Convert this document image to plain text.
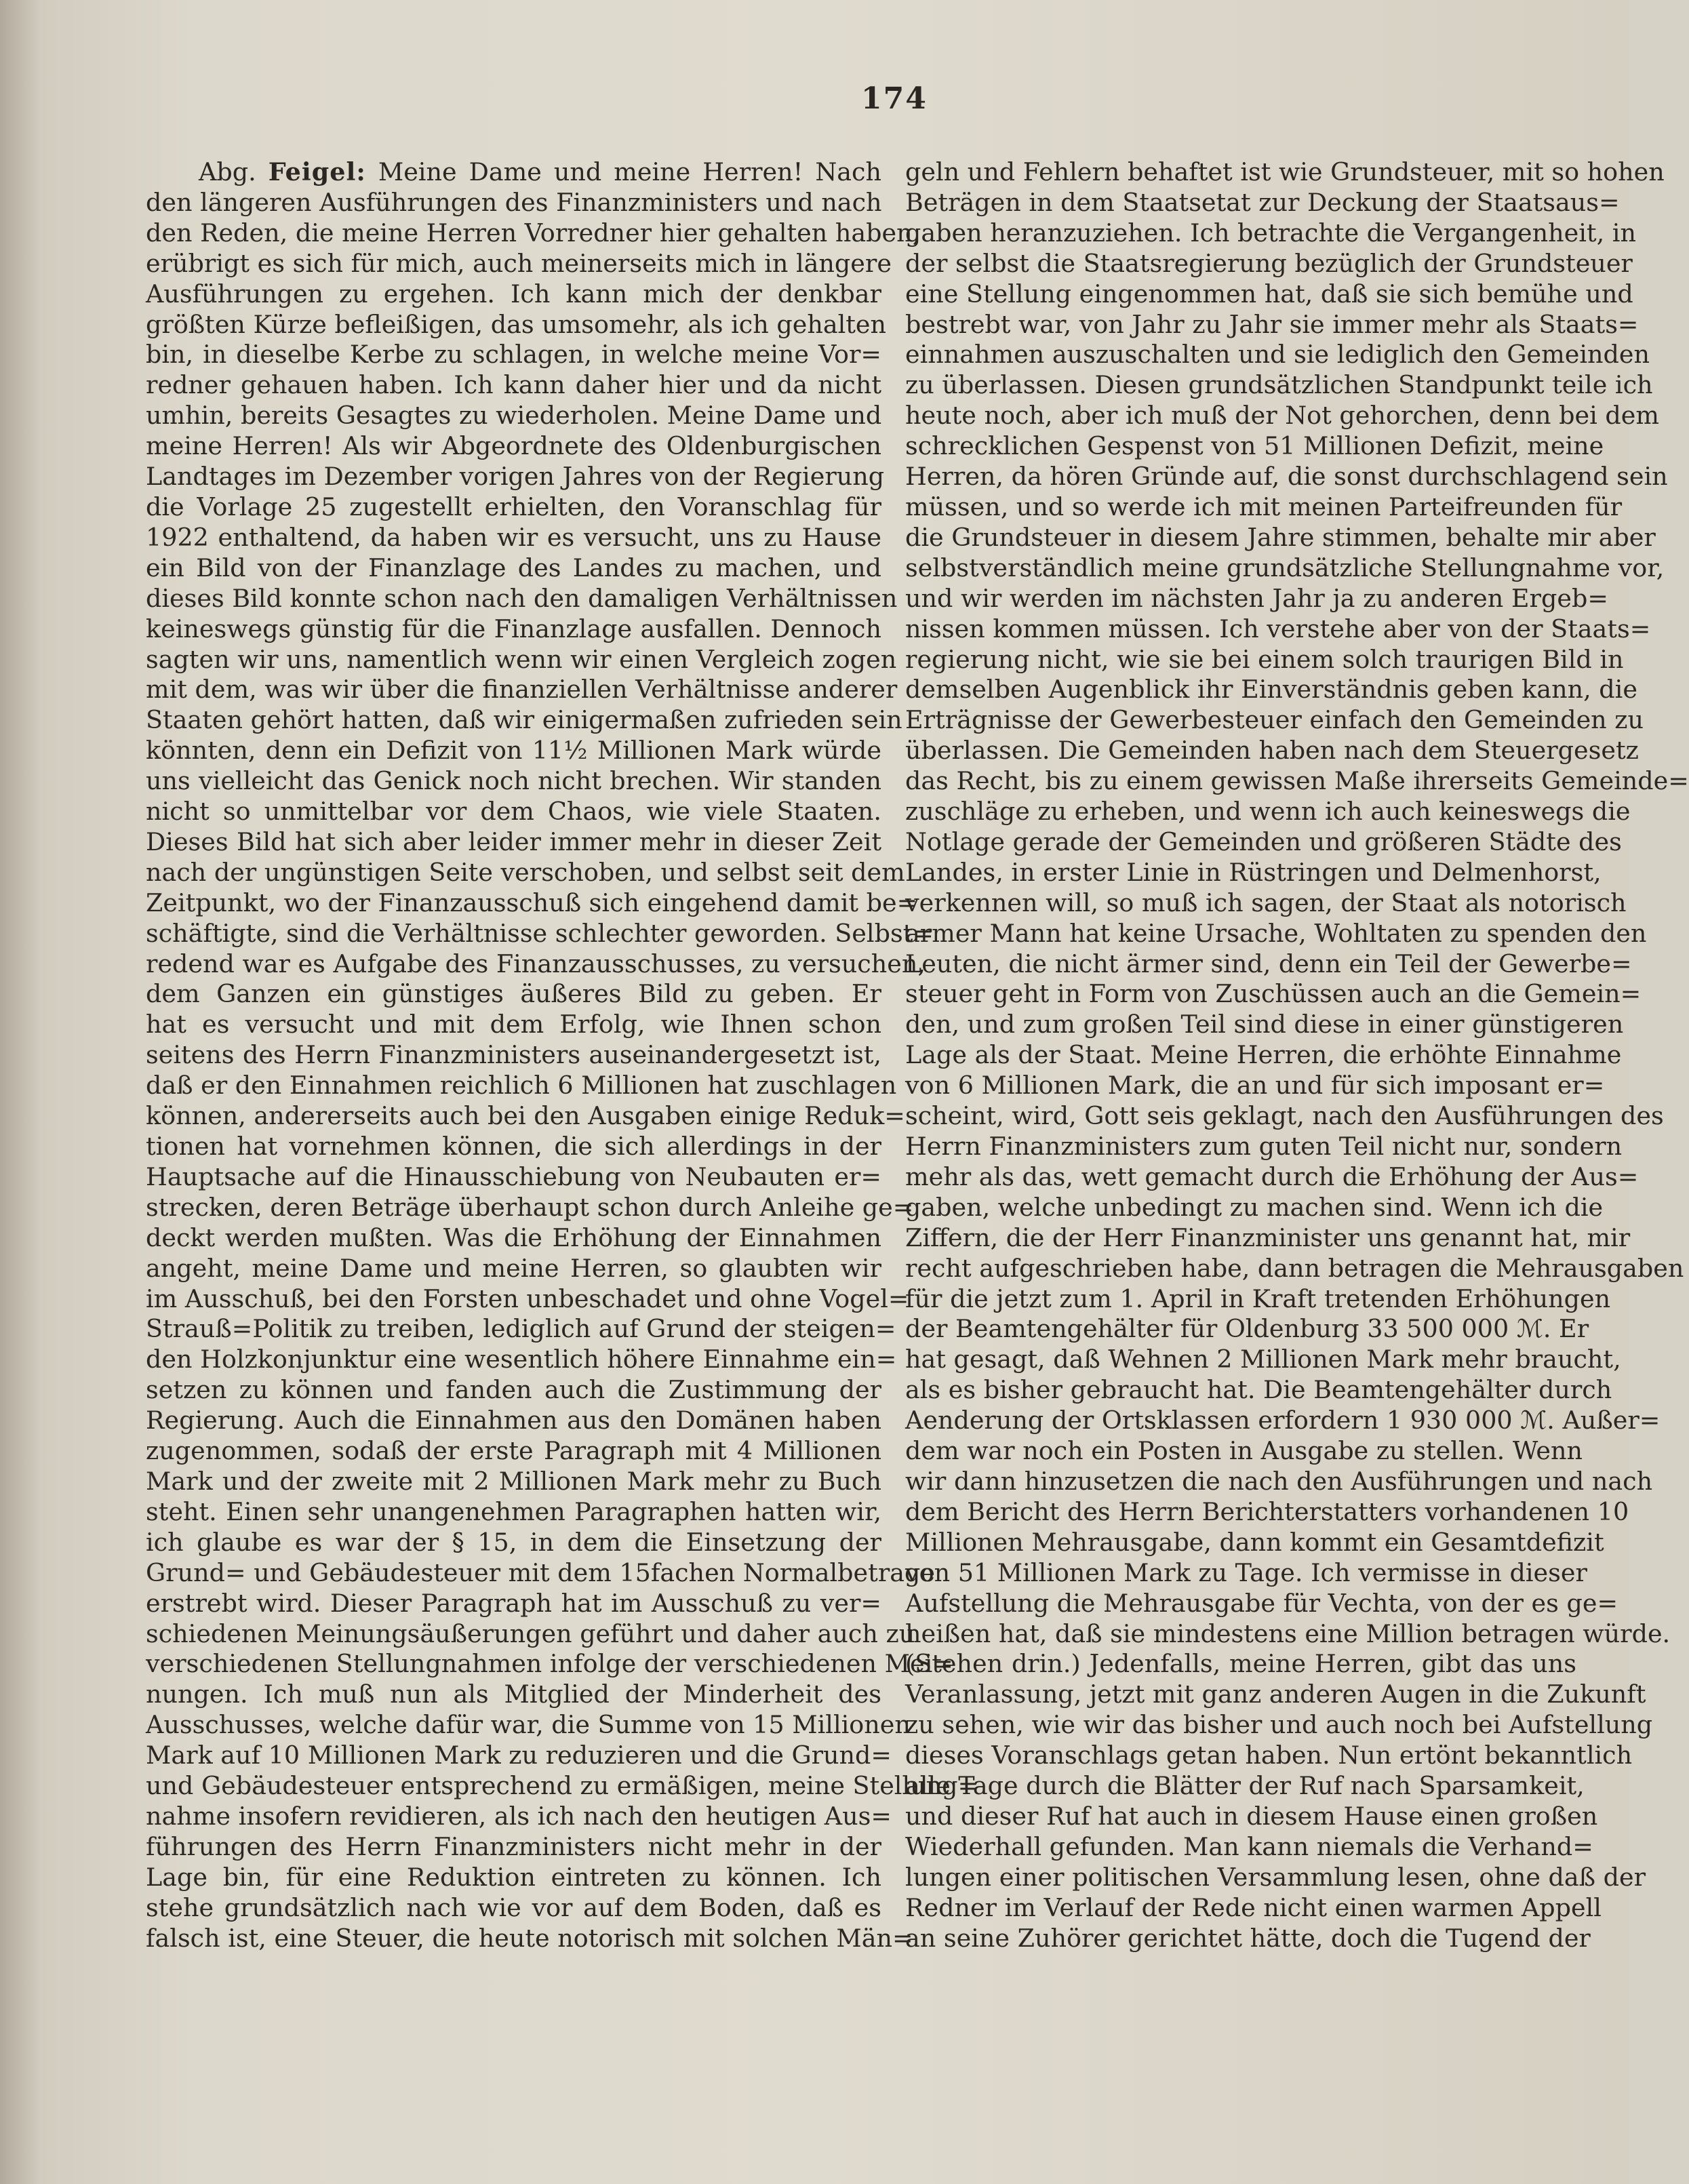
174
Abg. Feigel: Meine Dame und meine Herren! Nach
den längeren Ausführungen des Finanzministers und nach
den Reden, die meine Herren Vorredner hier gehalten haben,
erübrigt es sich für mich, auch meinerseits mich in längere
Ausführungen zu ergehen. Ich kann mich der denkbar
größten Kürze befleißigen, das umsomehr, als ich gehalten
bin, in dieselbe Kerbe zu schlagen, in welche meine Vor=
redner gehauen haben. Ich kann daher hier und da nicht
umhin, bereits Gesagtes zu wiederholen. Meine Dame und
meine Herren! Als wir Abgeordnete des Oldenburgischen
Landtages im Dezember vorigen Jahres von der Regierung
die Vorlage 25 zugestellt erhielten, den Voranschlag für
1922 enthaltend, da haben wir es versucht, uns zu Hause
ein Bild von der Finanzlage des Landes zu machen, und
dieses Bild konnte schon nach den damaligen Verhältnissen
keineswegs günstig für die Finanzlage ausfallen. Dennoch
sagten wir uns, namentlich wenn wir einen Vergleich zogen
mit dem, was wir über die finanziellen Verhältnisse anderer
Staaten gehört hatten, daß wir einigermaßen zufrieden sein
könnten, denn ein Defizit von 11½ Millionen Mark würde
uns vielleicht das Genick noch nicht brechen. Wir standen
nicht so unmittelbar vor dem Chaos, wie viele Staaten.
Dieses Bild hat sich aber leider immer mehr in dieser Zeit
nach der ungünstigen Seite verschoben, und selbst seit dem
Zeitpunkt, wo der Finanzausschuß sich eingehend damit be=
schäftigte, sind die Verhältnisse schlechter geworden. Selbst=
redend war es Aufgabe des Finanzausschusses, zu versuchen,
dem Ganzen ein günstiges äußeres Bild zu geben. Er
hat es versucht und mit dem Erfolg, wie Ihnen schon
seitens des Herrn Finanzministers auseinandergesetzt ist,
daß er den Einnahmen reichlich 6 Millionen hat zuschlagen
können, andererseits auch bei den Ausgaben einige Reduk=
tionen hat vornehmen können, die sich allerdings in der
Hauptsache auf die Hinausschiebung von Neubauten er=
strecken, deren Beträge überhaupt schon durch Anleihe ge=
deckt werden mußten. Was die Erhöhung der Einnahmen
angeht, meine Dame und meine Herren, so glaubten wir
im Ausschuß, bei den Forsten unbeschadet und ohne Vogel=
Strauß=Politik zu treiben, lediglich auf Grund der steigen=
den Holzkonjunktur eine wesentlich höhere Einnahme ein=
setzen zu können und fanden auch die Zustimmung der
Regierung. Auch die Einnahmen aus den Domänen haben
zugenommen, sodaß der erste Paragraph mit 4 Millionen
Mark und der zweite mit 2 Millionen Mark mehr zu Buch
steht. Einen sehr unangenehmen Paragraphen hatten wir,
ich glaube es war der § 15, in dem die Einsetzung der
Grund= und Gebäudesteuer mit dem 15fachen Normalbetrage
erstrebt wird. Dieser Paragraph hat im Ausschuß zu ver=
schiedenen Meinungsäußerungen geführt und daher auch zu
verschiedenen Stellungnahmen infolge der verschiedenen Mei=
nungen. Ich muß nun als Mitglied der Minderheit des
Ausschusses, welche dafür war, die Summe von 15 Millionen
Mark auf 10 Millionen Mark zu reduzieren und die Grund=
und Gebäudesteuer entsprechend zu ermäßigen, meine Stellung=
nahme insofern revidieren, als ich nach den heutigen Aus=
führungen des Herrn Finanzministers nicht mehr in der
Lage bin, für eine Reduktion eintreten zu können. Ich
stehe grundsätzlich nach wie vor auf dem Boden, daß es
falsch ist, eine Steuer, die heute notorisch mit solchen Män=
geln und Fehlern behaftet ist wie Grundsteuer, mit so hohen
Beträgen in dem Staatsetat zur Deckung der Staatsaus=
gaben heranzuziehen. Ich betrachte die Vergangenheit, in
der selbst die Staatsregierung bezüglich der Grundsteuer
eine Stellung eingenommen hat, daß sie sich bemühe und
bestrebt war, von Jahr zu Jahr sie immer mehr als Staats=
einnahmen auszuschalten und sie lediglich den Gemeinden
zu überlassen. Diesen grundsätzlichen Standpunkt teile ich
heute noch, aber ich muß der Not gehorchen, denn bei dem
schrecklichen Gespenst von 51 Millionen Defizit, meine
Herren, da hören Gründe auf, die sonst durchschlagend sein
müssen, und so werde ich mit meinen Parteifreunden für
die Grundsteuer in diesem Jahre stimmen, behalte mir aber
selbstverständlich meine grundsätzliche Stellungnahme vor,
und wir werden im nächsten Jahr ja zu anderen Ergeb=
nissen kommen müssen. Ich verstehe aber von der Staats=
regierung nicht, wie sie bei einem solch traurigen Bild in
demselben Augenblick ihr Einverständnis geben kann, die
Erträgnisse der Gewerbesteuer einfach den Gemeinden zu
überlassen. Die Gemeinden haben nach dem Steuergesetz
das Recht, bis zu einem gewissen Maße ihrerseits Gemeinde=
zuschläge zu erheben, und wenn ich auch keineswegs die
Notlage gerade der Gemeinden und größeren Städte des
Landes, in erster Linie in Rüstringen und Delmenhorst,
verkennen will, so muß ich sagen, der Staat als notorisch
armer Mann hat keine Ursache, Wohltaten zu spenden den
Leuten, die nicht ärmer sind, denn ein Teil der Gewerbe=
steuer geht in Form von Zuschüssen auch an die Gemein=
den, und zum großen Teil sind diese in einer günstigeren
Lage als der Staat. Meine Herren, die erhöhte Einnahme
von 6 Millionen Mark, die an und für sich imposant er=
scheint, wird, Gott seis geklagt, nach den Ausführungen des
Herrn Finanzministers zum guten Teil nicht nur, sondern
mehr als das, wett gemacht durch die Erhöhung der Aus=
gaben, welche unbedingt zu machen sind. Wenn ich die
Ziffern, die der Herr Finanzminister uns genannt hat, mir
recht aufgeschrieben habe, dann betragen die Mehrausgaben
für die jetzt zum 1. April in Kraft tretenden Erhöhungen
der Beamtengehälter für Oldenburg 33 500 000 ℳ. Er
hat gesagt, daß Wehnen 2 Millionen Mark mehr braucht,
als es bisher gebraucht hat. Die Beamtengehälter durch
Aenderung der Ortsklassen erfordern 1 930 000 ℳ. Außer=
dem war noch ein Posten in Ausgabe zu stellen. Wenn
wir dann hinzusetzen die nach den Ausführungen und nach
dem Bericht des Herrn Berichterstatters vorhandenen 10
Millionen Mehrausgabe, dann kommt ein Gesamtdefizit
von 51 Millionen Mark zu Tage. Ich vermisse in dieser
Aufstellung die Mehrausgabe für Vechta, von der es ge=
heißen hat, daß sie mindestens eine Million betragen würde.
(Stehen drin.) Jedenfalls, meine Herren, gibt das uns
Veranlassung, jetzt mit ganz anderen Augen in die Zukunft
zu sehen, wie wir das bisher und auch noch bei Aufstellung
dieses Voranschlags getan haben. Nun ertönt bekanntlich
alle Tage durch die Blätter der Ruf nach Sparsamkeit,
und dieser Ruf hat auch in diesem Hause einen großen
Wiederhall gefunden. Man kann niemals die Verhand=
lungen einer politischen Versammlung lesen, ohne daß der
Redner im Verlauf der Rede nicht einen warmen Appell
an seine Zuhörer gerichtet hätte, doch die Tugend der
